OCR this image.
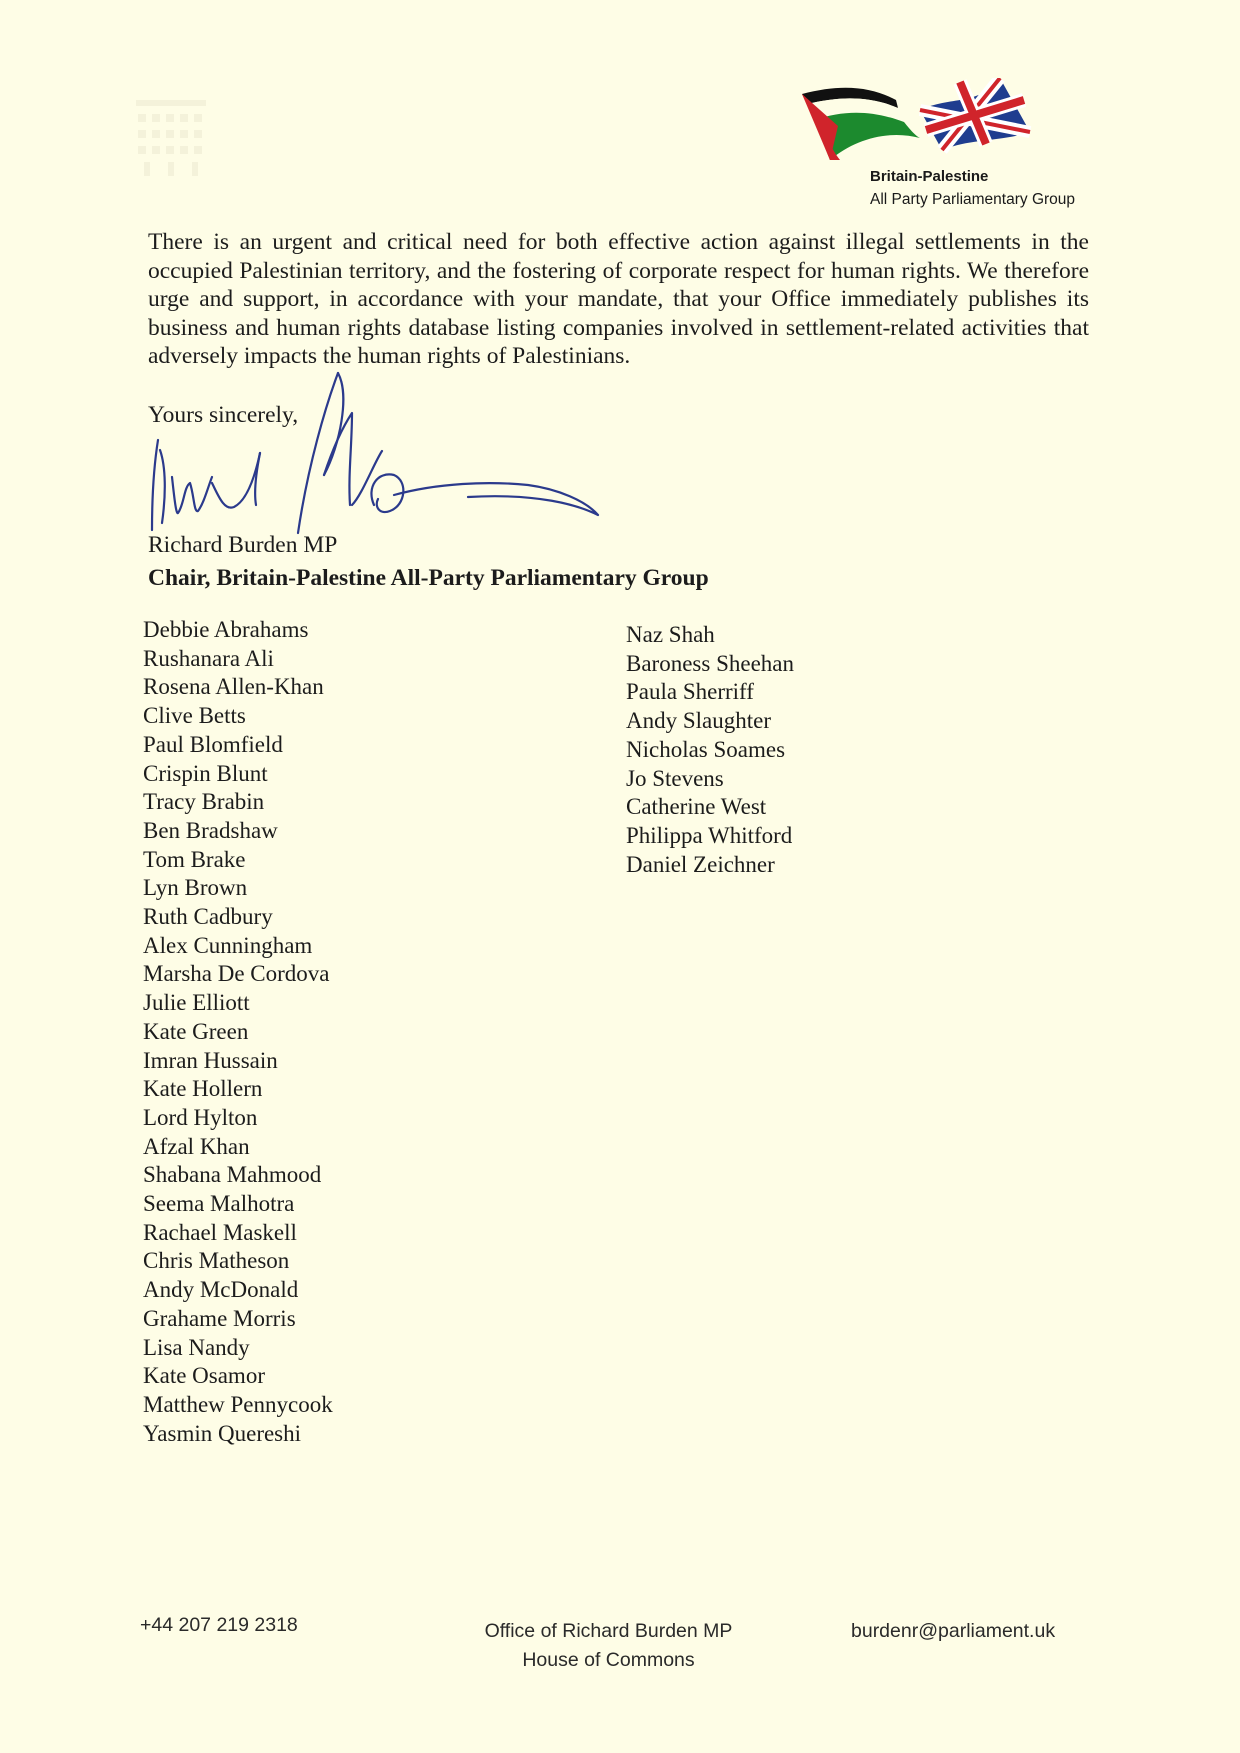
Britain-Palestine
All Party Parliamentary Group

There is an urgent and critical need for both effective action against illegal settlements in the occupied Palestinian territory, and the fostering of corporate respect for human rights. We therefore urge and support, in accordance with your mandate, that your Office immediately publishes its business and human rights database listing companies involved in settlement-related activities that adversely impacts the human rights of Palestinians.

Yours sincerely,

Richard Burden MP

Chair, Britain-Palestine All-Party Parliamentary Group

Debbie Abrahams
Rushanara Ali
Rosena Allen-Khan
Clive Betts
Paul Blomfield
Crispin Blunt
Tracy Brabin
Ben Bradshaw
Tom Brake
Lyn Brown
Ruth Cadbury
Alex Cunningham
Marsha De Cordova
Julie Elliott
Kate Green
Imran Hussain
Kate Hollern
Lord Hylton
Afzal Khan
Shabana Mahmood
Seema Malhotra
Rachael Maskell
Chris Matheson
Andy McDonald
Grahame Morris
Lisa Nandy
Kate Osamor
Matthew Pennycook
Yasmin Quereshi
Naz Shah
Baroness Sheehan
Paula Sherriff
Andy Slaughter
Nicholas Soames
Jo Stevens
Catherine West
Philippa Whitford
Daniel Zeichner
+44 207 219 2318	Office of Richard Burden MP
House of Commons
burdenr@parliament.uk
